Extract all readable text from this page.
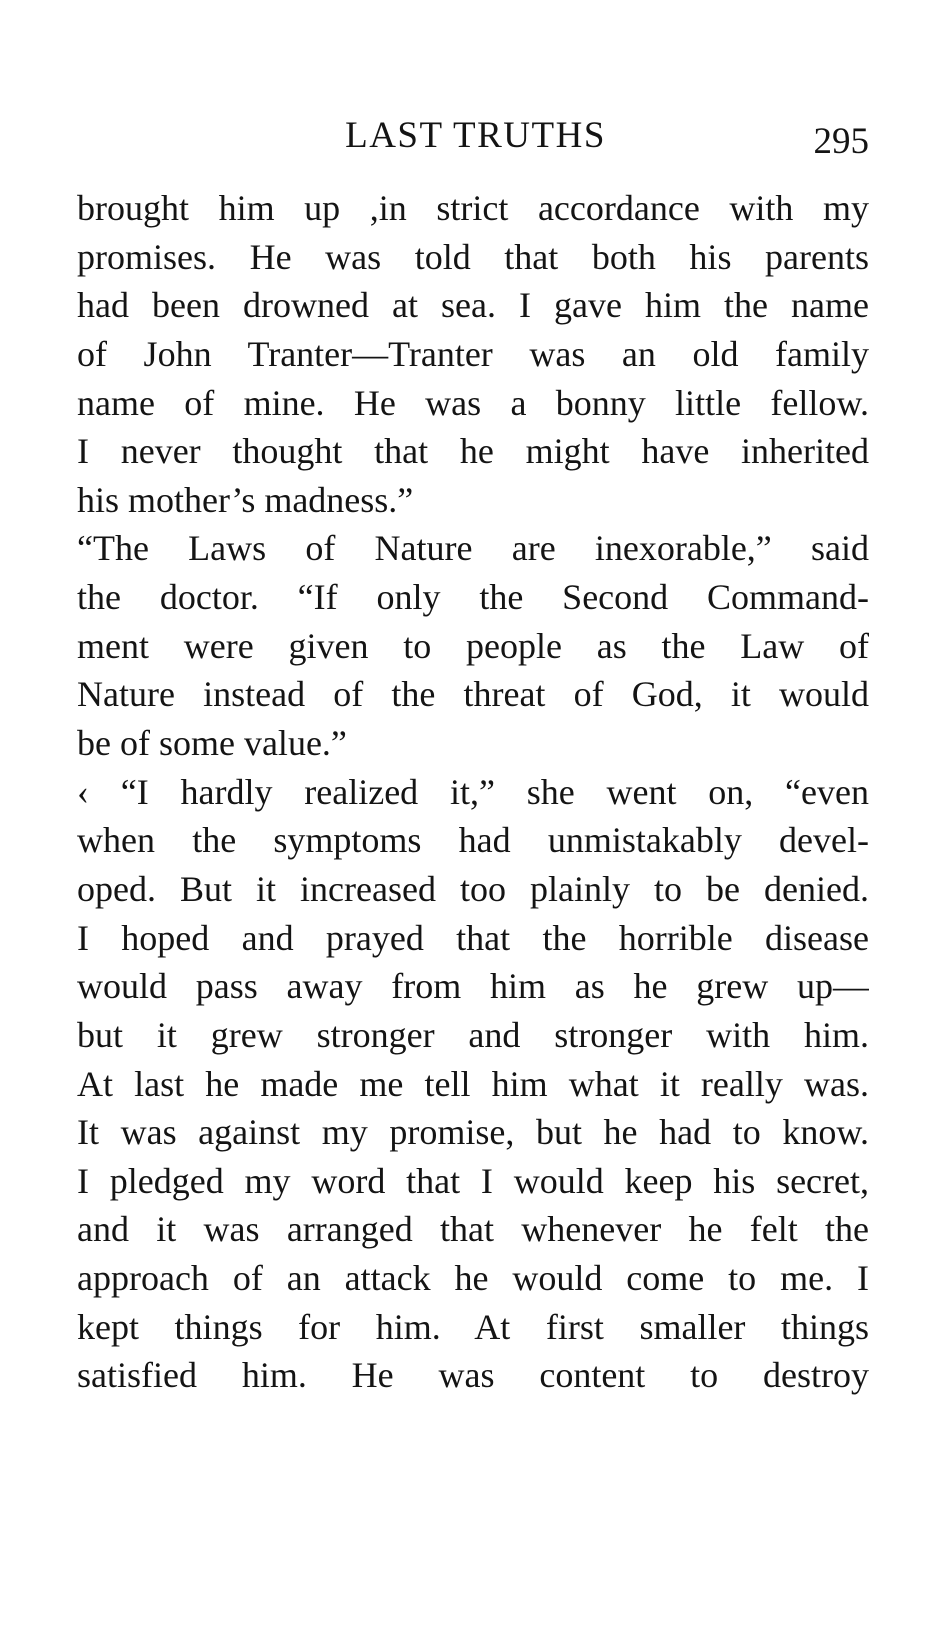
LAST TRUTHS	295
brought him up ,in strict accordance with my
promises. He was told that both his parents
had been drowned at sea. I gave him the name
of John Tranter—Tranter was an old family
name of mine. He was a bonny little fellow.
I never thought that he might have inherited
his mother’s madness.”
“The Laws of Nature are inexorable,” said
the doctor. “If only the Second Command-
ment were given to people as the Law of
Nature instead of the threat of God, it would
be of some value.”
‹ “I hardly realized it,” she went on, “even
when the symptoms had unmistakably devel-
oped. But it increased too plainly to be denied.
I hoped and prayed that the horrible disease
would pass away from him as he grew up—
but it grew stronger and stronger with him.
At last he made me tell him what it really was.
It was against my promise, but he had to know.
I pledged my word that I would keep his secret,
and it was arranged that whenever he felt the
approach of an attack he would come to me. I
kept things for him. At first smaller things
satisfied him. He was content to destroy
